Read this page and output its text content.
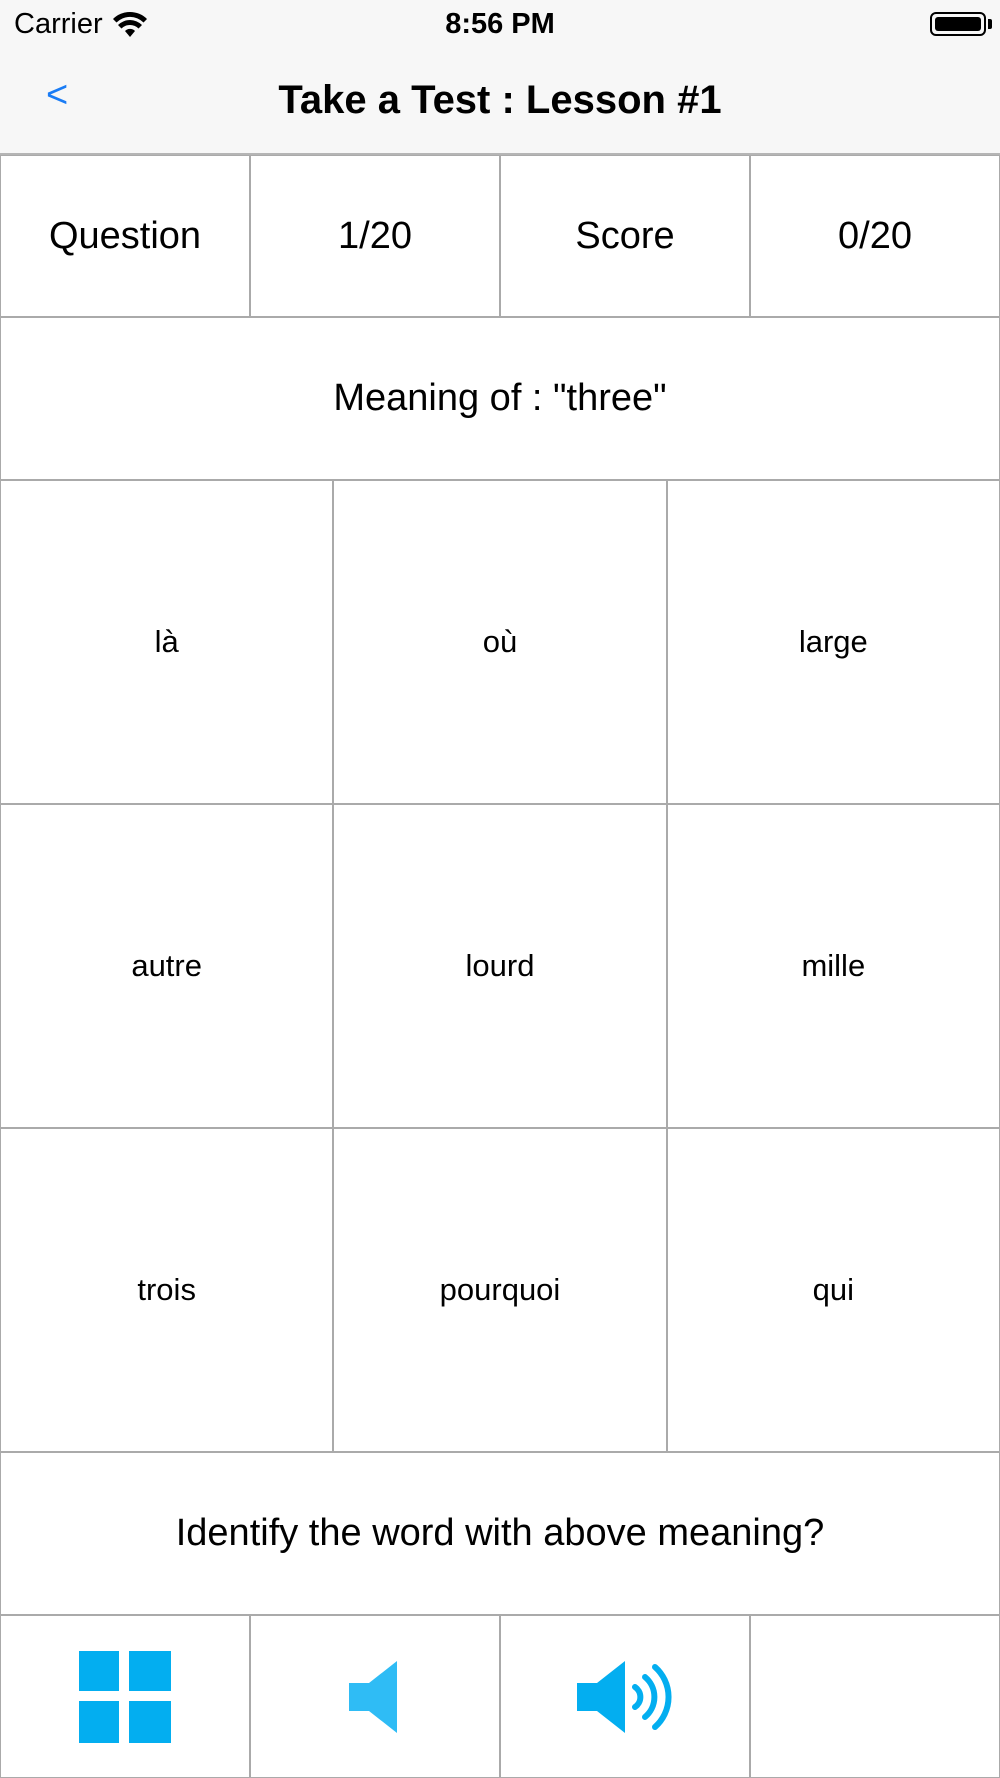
Carrier	8:56 PM
<	Take a Test : Lesson #1
Question	1/20	Score	0/20
Meaning of : "three"
là	où	large
autre	lourd	mille
trois	pourquoi	qui
Identify the word with above meaning?
